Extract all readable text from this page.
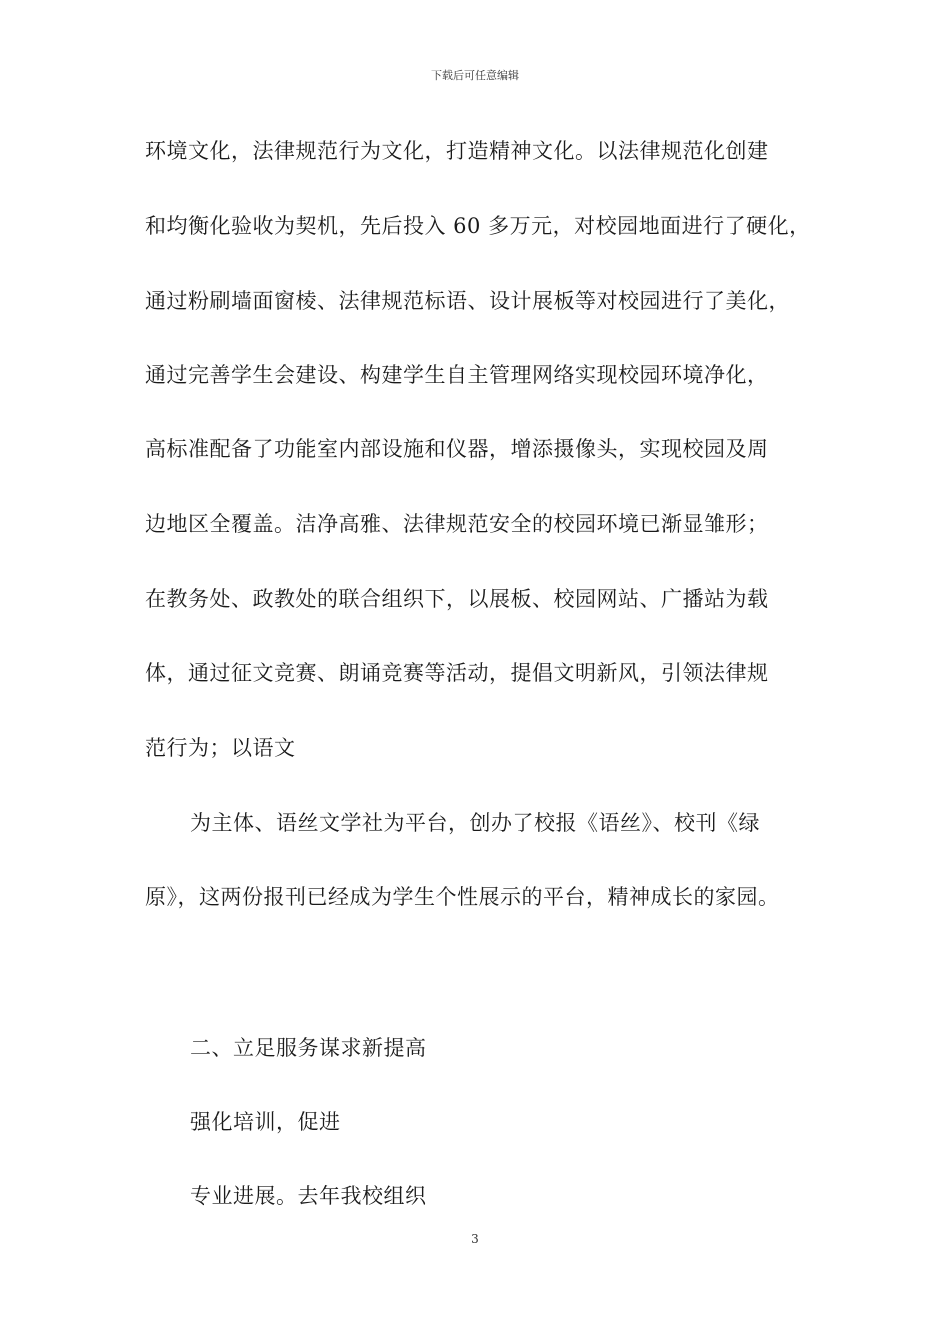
下载后可任意编辑
环境文化，法律规范行为文化，打造精神文化。以法律规范化创建
和均衡化验收为契机，先后投入 60 多万元，对校园地面进行了硬化，
通过粉刷墙面窗棱、法律规范标语、设计展板等对校园进行了美化，
通过完善学生会建设、构建学生自主管理网络实现校园环境净化，
高标准配备了功能室内部设施和仪器，增添摄像头，实现校园及周
边地区全覆盖。洁净高雅、法律规范安全的校园环境已渐显雏形；
在教务处、政教处的联合组织下，以展板、校园网站、广播站为载
体，通过征文竞赛、朗诵竞赛等活动，提倡文明新风，引领法律规
范行为；以语文
为主体、语丝文学社为平台，创办了校报《语丝》、校刊《绿
原》，这两份报刊已经成为学生个性展示的平台，精神成长的家园。
二、立足服务谋求新提高
强化培训，促进
专业进展。去年我校组织
3
